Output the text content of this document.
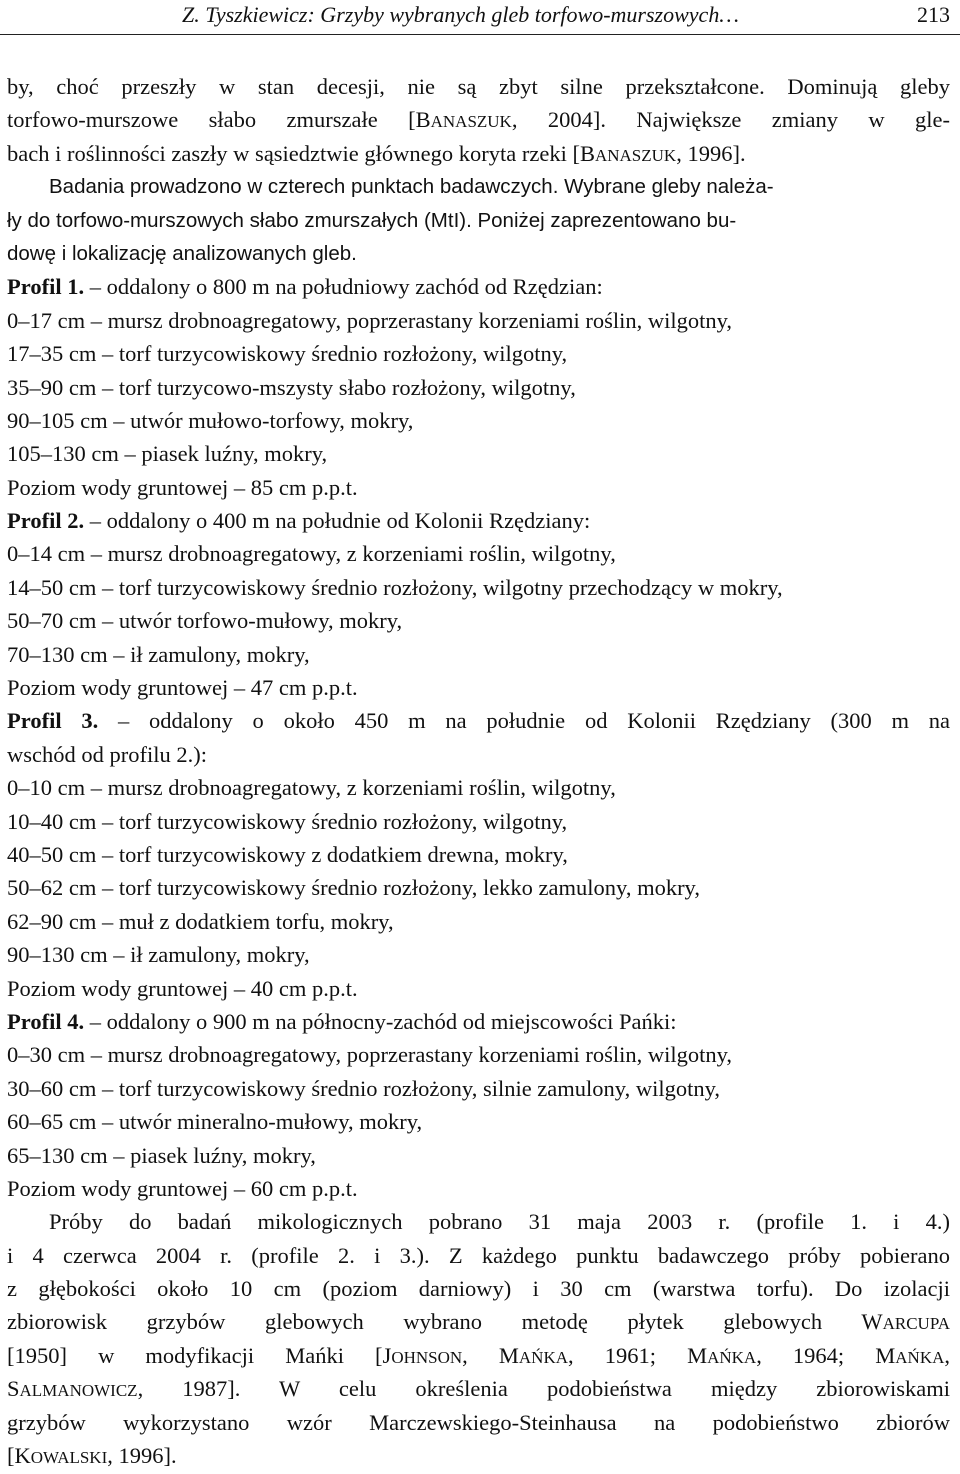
Z. Tyszkiewicz: Grzyby wybranych gleb torfowo-murszowych…	213
by, choć przeszły w stan decesji, nie są zbyt silne przekształcone. Dominują gleby
torfowo-murszowe słabo zmurszałe [BANASZUK, 2004]. Największe zmiany w gle-
bach i roślinności zaszły w sąsiedztwie głównego koryta rzeki [BANASZUK, 1996].
Badania prowadzono w czterech punktach badawczych. Wybrane gleby należa-
ły do torfowo-murszowych słabo zmurszałych (MtI). Poniżej zaprezentowano bu-
dowę i lokalizację analizowanych gleb.
Profil 1. – oddalony o 800 m na południowy zachód od Rzędzian:
0–17 cm – mursz drobnoagregatowy, poprzerastany korzeniami roślin, wilgotny,
17–35 cm – torf turzycowiskowy średnio rozłożony, wilgotny,
35–90 cm – torf turzycowo-mszysty słabo rozłożony, wilgotny,
90–105 cm – utwór mułowo-torfowy, mokry,
105–130 cm – piasek luźny, mokry,
Poziom wody gruntowej – 85 cm p.p.t.
Profil 2. – oddalony o 400 m na południe od Kolonii Rzędziany:
0–14 cm – mursz drobnoagregatowy, z korzeniami roślin, wilgotny,
14–50 cm – torf turzycowiskowy średnio rozłożony, wilgotny przechodzący w mokry,
50–70 cm – utwór torfowo-mułowy, mokry,
70–130 cm – ił zamulony, mokry,
Poziom wody gruntowej – 47 cm p.p.t.
Profil 3. – oddalony o około 450 m na południe od Kolonii Rzędziany (300 m na
wschód od profilu 2.):
0–10 cm – mursz drobnoagregatowy, z korzeniami roślin, wilgotny,
10–40 cm – torf turzycowiskowy średnio rozłożony, wilgotny,
40–50 cm – torf turzycowiskowy z dodatkiem drewna, mokry,
50–62 cm – torf turzycowiskowy średnio rozłożony, lekko zamulony, mokry,
62–90 cm – muł z dodatkiem torfu, mokry,
90–130 cm – ił zamulony, mokry,
Poziom wody gruntowej – 40 cm p.p.t.
Profil 4. – oddalony o 900 m na północny-zachód od miejscowości Pańki:
0–30 cm – mursz drobnoagregatowy, poprzerastany korzeniami roślin, wilgotny,
30–60 cm – torf turzycowiskowy średnio rozłożony, silnie zamulony, wilgotny,
60–65 cm – utwór mineralno-mułowy, mokry,
65–130 cm – piasek luźny, mokry,
Poziom wody gruntowej – 60 cm p.p.t.
Próby do badań mikologicznych pobrano 31 maja 2003 r. (profile 1. i 4.)
i 4 czerwca 2004 r. (profile 2. i 3.). Z każdego punktu badawczego próby pobierano
z głębokości około 10 cm (poziom darniowy) i 30 cm (warstwa torfu). Do izolacji
zbiorowisk grzybów glebowych wybrano metodę płytek glebowych WARCUPA
[1950] w modyfikacji Mańki [JOHNSON, MAŃKA, 1961; MAŃKA, 1964; MAŃKA,
SALMANOWICZ, 1987]. W celu określenia podobieństwa między zbiorowiskami
grzybów wykorzystano wzór Marczewskiego-Steinhausa na podobieństwo zbiorów
[KOWALSKI, 1996].
